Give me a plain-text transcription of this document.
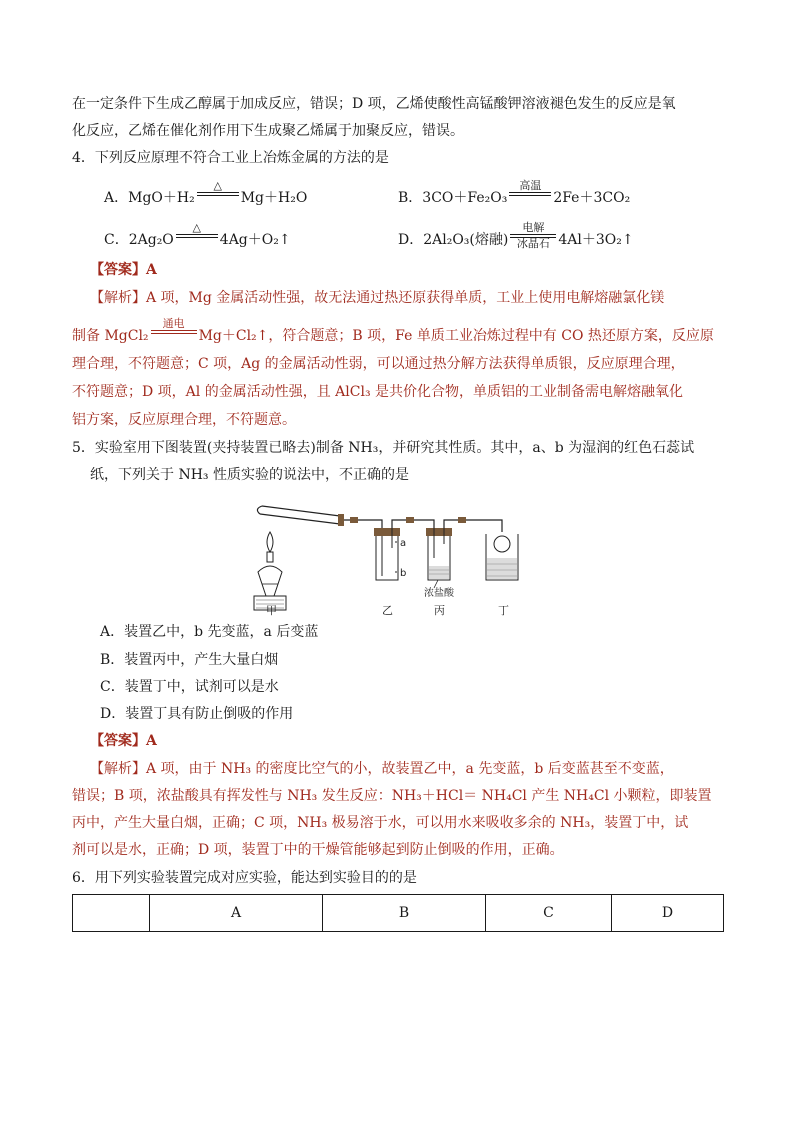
在一定条件下生成乙醇属于加成反应，错误；D 项，乙烯使酸性高锰酸钾溶液褪色发生的反应是氧
化反应，乙烯在催化剂作用下生成聚乙烯属于加聚反应，错误。
4．下列反应原理不符合工业上冶炼金属的方法的是
A．MgO＋H₂
△

Mg＋H₂O	B．3CO＋Fe₂O₃
高温

2Fe＋3CO₂
C．2Ag₂O
△

4Ag＋O₂↑	D．2Al₂O₃(熔融)
电解
冰晶石 4Al＋3O₂↑
【答案】A
【解析】A 项，Mg 金属活动性强，故无法通过热还原获得单质，工业上使用电解熔融氯化镁
制备 MgCl₂
通电

Mg＋Cl₂↑，符合题意；B 项，Fe 单质工业冶炼过程中有 CO 热还原方案，反应原
理合理，不符题意；C 项，Ag 的金属活动性弱，可以通过热分解方法获得单质银，反应原理合理，
不符题意；D 项，Al 的金属活动性强，且 AlCl₃ 是共价化合物，单质铝的工业制备需电解熔融氧化
铝方案，反应原理合理，不符题意。
5．实验室用下图装置(夹持装置已略去)制备 NH₃，并研究其性质。其中，a、b 为湿润的红色石蕊试
纸，下列关于 NH₃ 性质实验的说法中，不正确的是
a
b
浓盐酸
甲	乙	丙	丁
A．装置乙中，b 先变蓝，a 后变蓝
B．装置丙中，产生大量白烟
C．装置丁中，试剂可以是水
D．装置丁具有防止倒吸的作用
【答案】A
【解析】A 项，由于 NH₃ 的密度比空气的小，故装置乙中，a 先变蓝，b 后变蓝甚至不变蓝，
错误；B 项，浓盐酸具有挥发性与 NH₃ 发生反应：NH₃＋HCl＝ NH₄Cl 产生 NH₄Cl 小颗粒，即装置
丙中，产生大量白烟，正确；C 项，NH₃ 极易溶于水，可以用水来吸收多余的 NH₃，装置丁中，试
剂可以是水，正确；D 项，装置丁中的干燥管能够起到防止倒吸的作用，正确。
6．用下列实验装置完成对应实验，能达到实验目的的是
	A	B	C	D
